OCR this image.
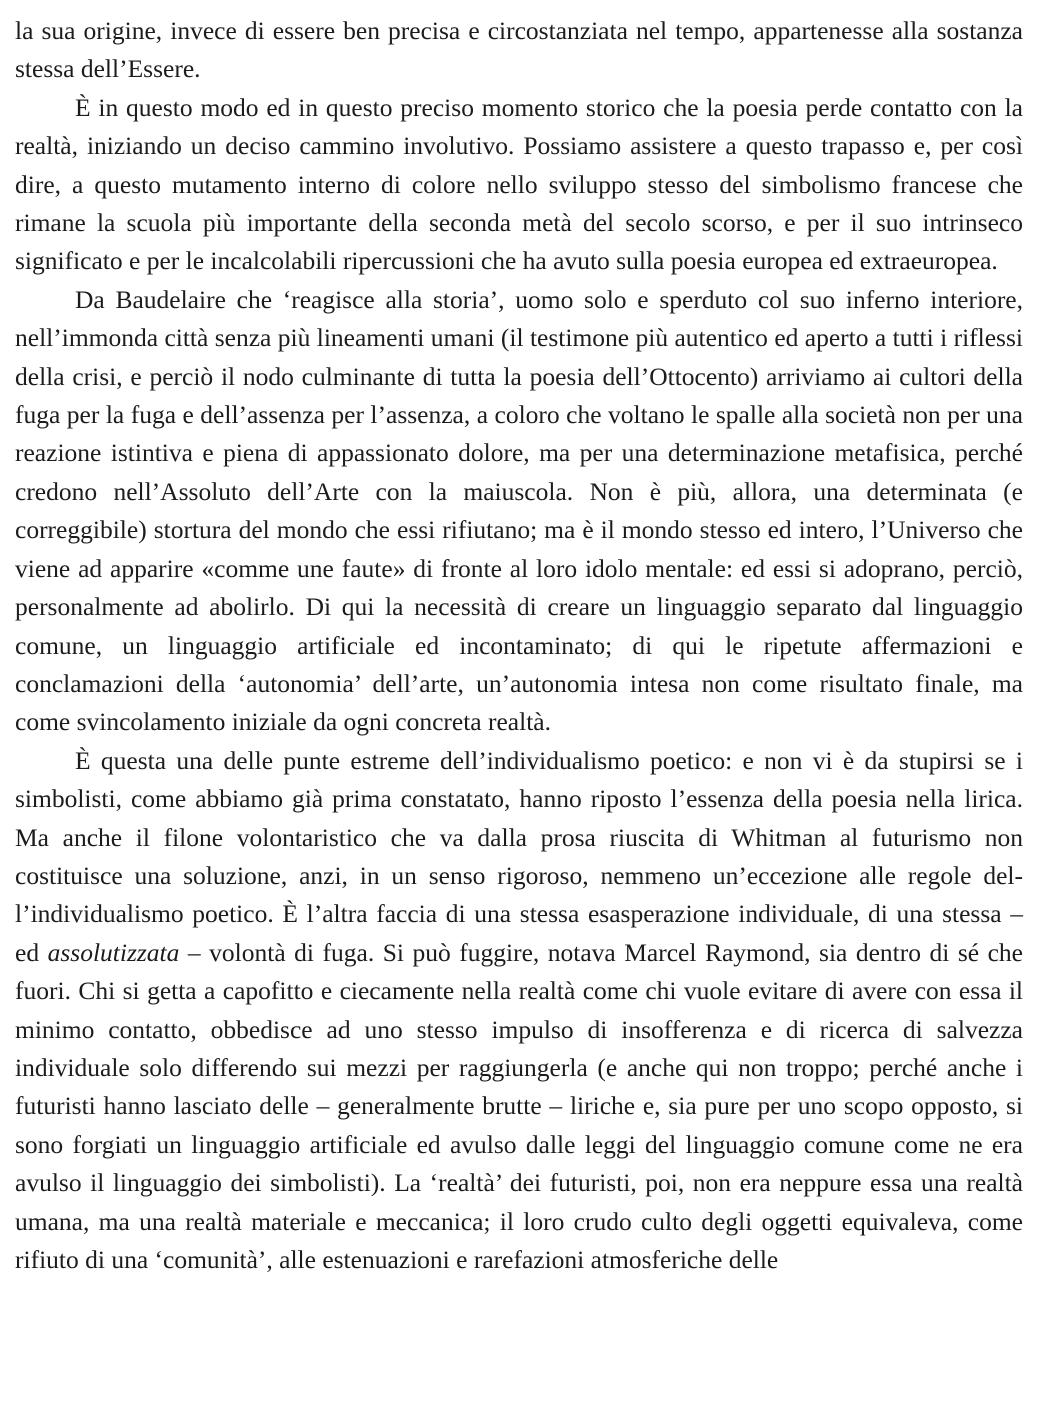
la sua origine, invece di essere ben precisa e circostanziata nel tempo, appartenesse alla sostanza stessa dell’Essere.

È in questo modo ed in questo preciso momento storico che la poesia perde contatto con la realtà, iniziando un deciso cammino involutivo. Possiamo assistere a questo trapasso e, per così dire, a questo mutamento interno di colore nello sviluppo stesso del simbolismo francese che rimane la scuola più importante della seconda metà del secolo scorso, e per il suo intrinseco significato e per le incalcolabili ripercussioni che ha avuto sulla poesia europea ed extraeuropea.

Da Baudelaire che ‘reagisce alla storia’, uomo solo e sperduto col suo inferno interiore, nell’immonda città senza più lineamenti umani (il testimone più autentico ed aperto a tutti i riflessi della crisi, e perciò il nodo culminante di tutta la poesia dell’Ottocento) arriviamo ai cultori della fuga per la fuga e dell’assenza per l’assenza, a coloro che voltano le spalle alla società non per una reazione istintiva e piena di appassionato dolore, ma per una determinazione metafisica, perché credono nell’Assoluto dell’Arte con la maiuscola. Non è più, allora, una determinata (e correggibile) stortura del mondo che essi rifiutano; ma è il mondo stesso ed intero, l’Universo che viene ad apparire «comme une faute» di fronte al loro idolo mentale: ed essi si adoprano, perciò, personalmente ad abolirlo. Di qui la necessità di creare un linguaggio separato dal linguaggio comune, un linguaggio artificiale ed incontaminato; di qui le ripetute affermazioni e conclamazioni della ‘autonomia’ dell’arte, un’autonomia intesa non come risultato finale, ma come svincolamento iniziale da ogni concreta realtà.

È questa una delle punte estreme dell’individualismo poetico: e non vi è da stupirsi se i simbolisti, come abbiamo già prima constatato, hanno riposto l’essenza della poesia nella lirica. Ma anche il filone volontaristico che va dalla prosa riuscita di Whitman al futurismo non costituisce una soluzione, anzi, in un senso rigoroso, nemmeno un’eccezione alle regole dell’individualismo poetico. È l’altra faccia di una stessa esasperazione individuale, di una stessa – ed assolutizzata – volontà di fuga. Si può fuggire, notava Marcel Raymond, sia dentro di sé che fuori. Chi si getta a capofitto e ciecamente nella realtà come chi vuole evitare di avere con essa il minimo contatto, obbedisce ad uno stesso impulso di insofferenza e di ricerca di salvezza individuale solo differendo sui mezzi per raggiungerla (e anche qui non troppo; perché anche i futuristi hanno lasciato delle – generalmente brutte – liriche e, sia pure per uno scopo opposto, si sono forgiati un linguaggio artificiale ed avulso dalle leggi del linguaggio comune come ne era avulso il linguaggio dei simbolisti). La ‘realtà’ dei futuristi, poi, non era neppure essa una realtà umana, ma una realtà materiale e meccanica; il loro crudo culto degli oggetti equivaleva, come rifiuto di una ‘comunità’, alle estenuazioni e rarefazioni atmosferiche delle
